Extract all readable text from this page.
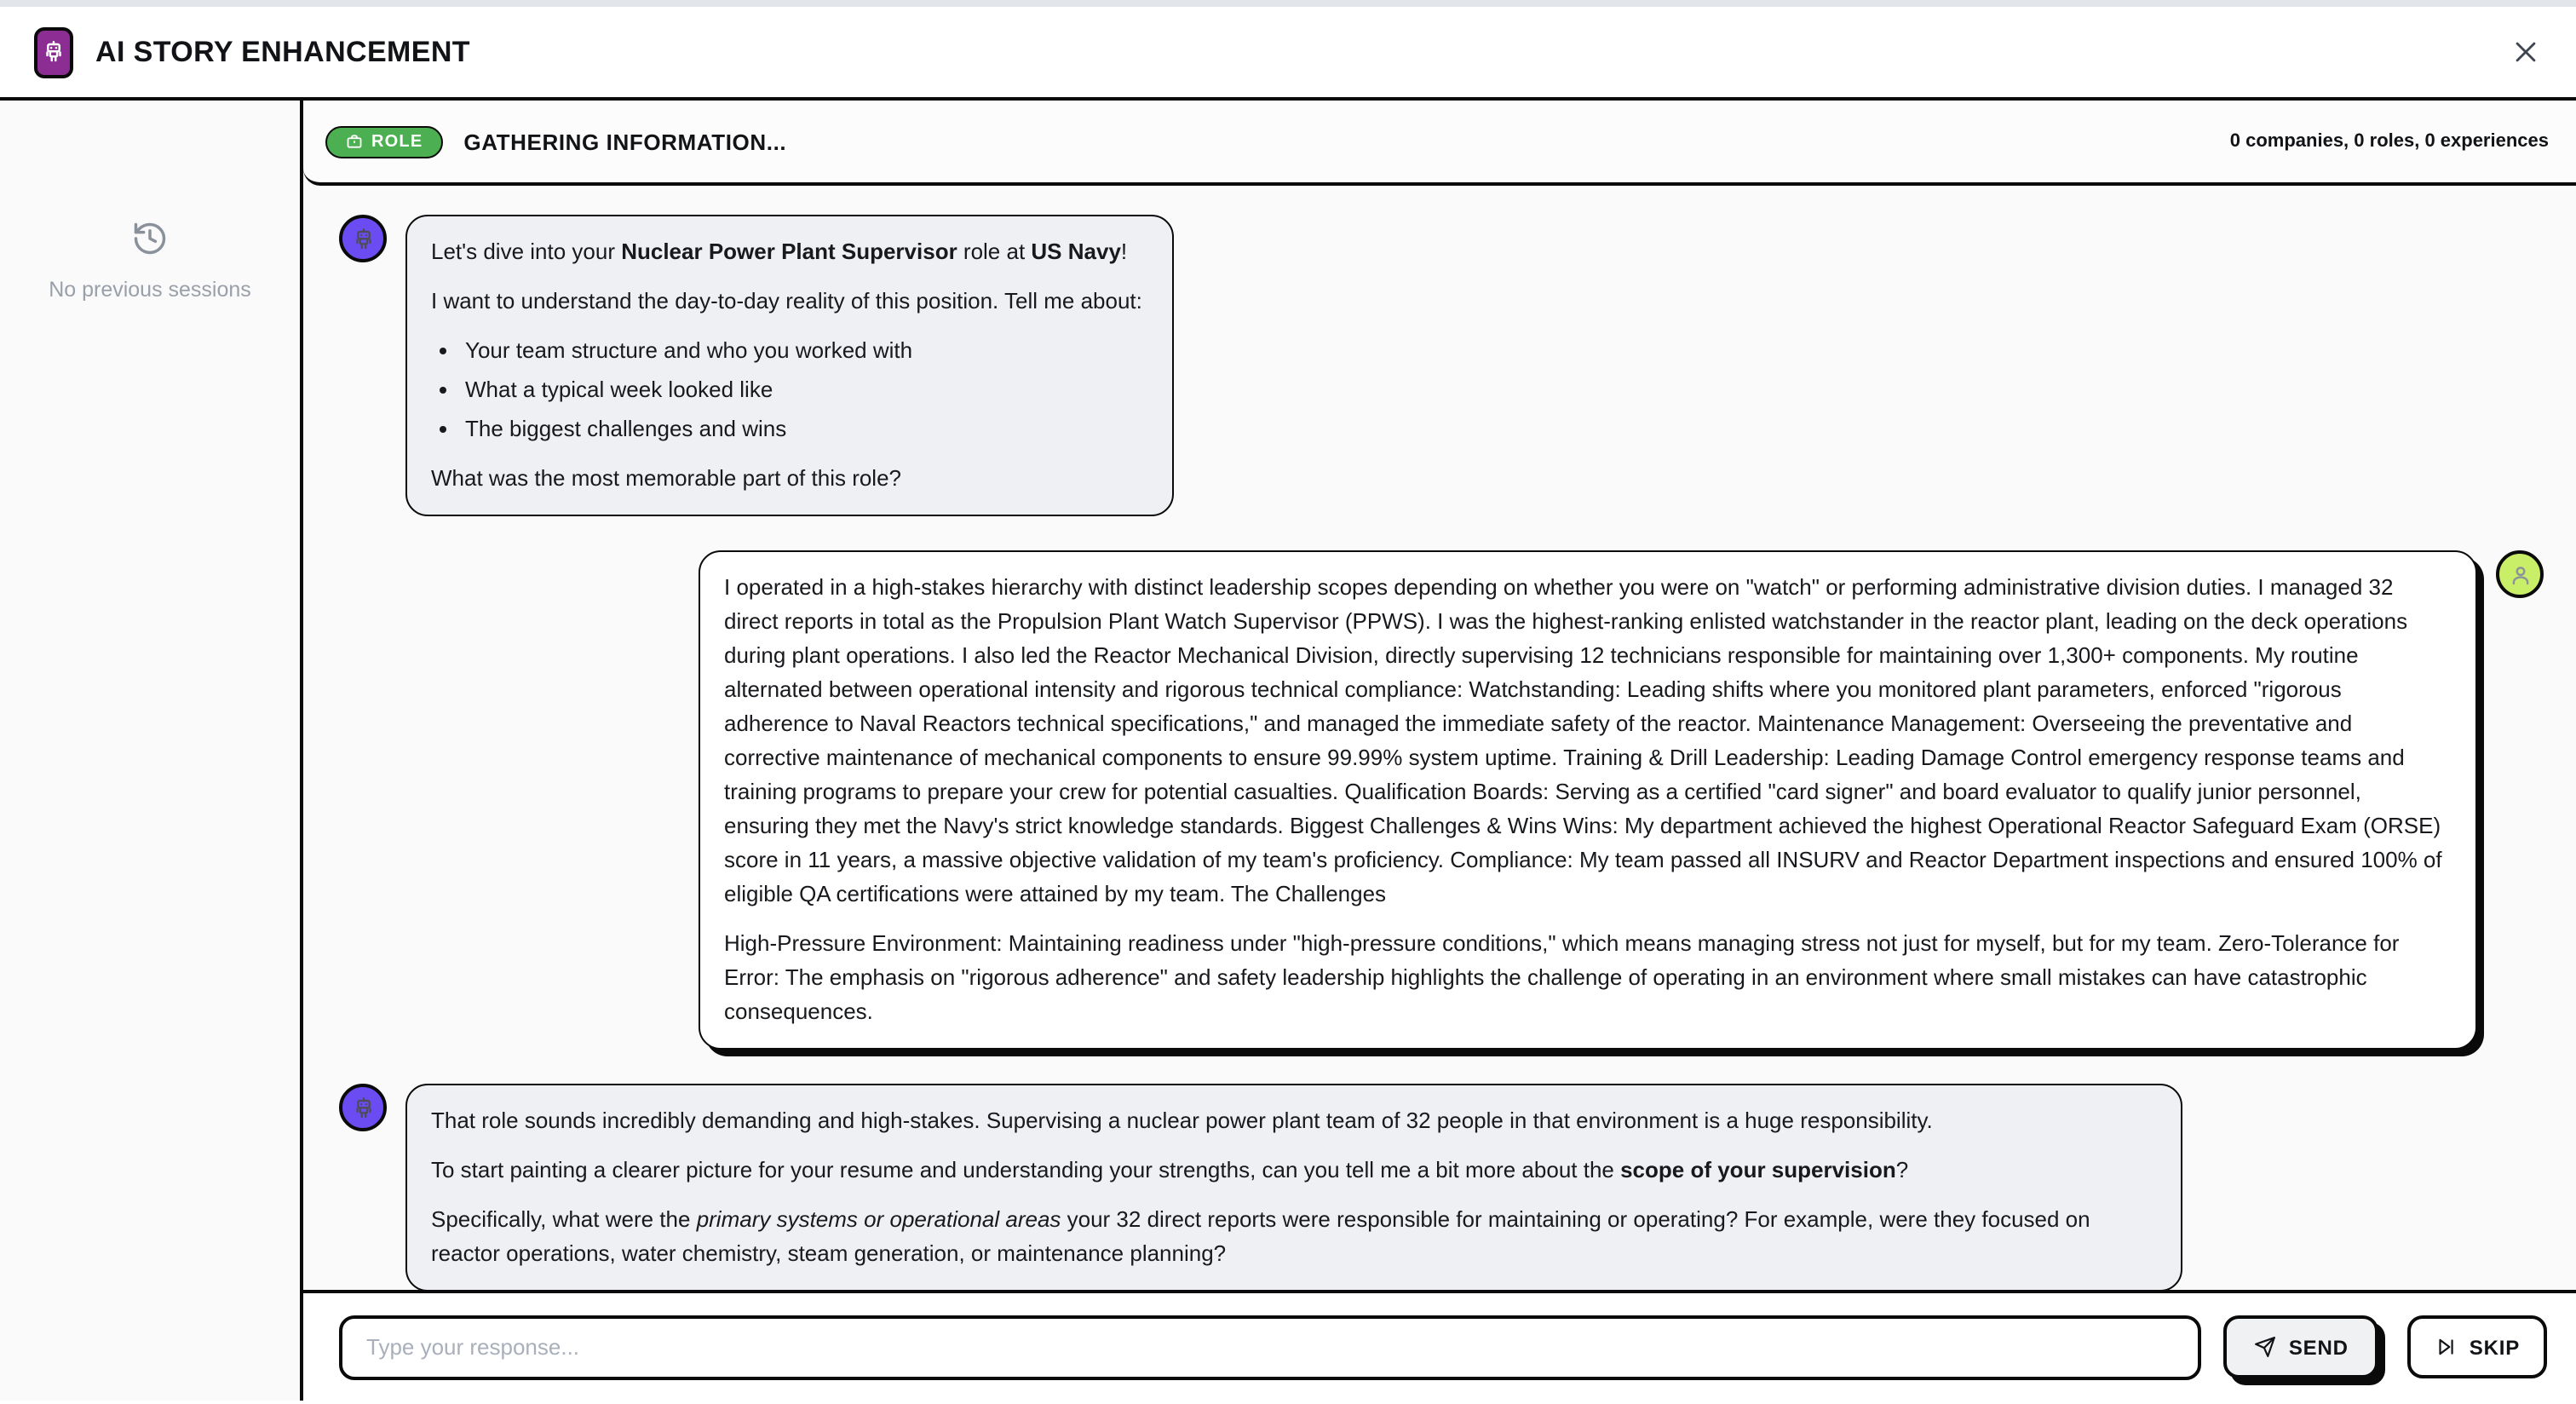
AI STORY ENHANCEMENT
No previous sessions
ROLE	GATHERING INFORMATION...	0 companies, 0 roles, 0 experiences

Let's dive into your Nuclear Power Plant Supervisor role at US Navy!

I want to understand the day-to-day reality of this position. Tell me about:

• Your team structure and who you worked with
• What a typical week looked like
• The biggest challenges and wins

What was the most memorable part of this role?

I operated in a high-stakes hierarchy with distinct leadership scopes depending on whether you were on "watch" or performing administrative division duties. I managed 32 direct reports in total as the Propulsion Plant Watch Supervisor (PPWS). I was the highest-ranking enlisted watchstander in the reactor plant, leading on the deck operations during plant operations. I also led the Reactor Mechanical Division, directly supervising 12 technicians responsible for maintaining over 1,300+ components. My routine alternated between operational intensity and rigorous technical compliance: Watchstanding: Leading shifts where you monitored plant parameters, enforced "rigorous adherence to Naval Reactors technical specifications," and managed the immediate safety of the reactor. Maintenance Management: Overseeing the preventative and corrective maintenance of mechanical components to ensure 99.99% system uptime. Training & Drill Leadership: Leading Damage Control emergency response teams and training programs to prepare your crew for potential casualties. Qualification Boards: Serving as a certified "card signer" and board evaluator to qualify junior personnel, ensuring they met the Navy's strict knowledge standards. Biggest Challenges & Wins Wins: My department achieved the highest Operational Reactor Safeguard Exam (ORSE) score in 11 years, a massive objective validation of my team's proficiency. Compliance: My team passed all INSURV and Reactor Department inspections and ensured 100% of eligible QA certifications were attained by my team. The Challenges

High-Pressure Environment: Maintaining readiness under "high-pressure conditions," which means managing stress not just for myself, but for my team. Zero-Tolerance for Error: The emphasis on "rigorous adherence" and safety leadership highlights the challenge of operating in an environment where small mistakes can have catastrophic consequences.

That role sounds incredibly demanding and high-stakes. Supervising a nuclear power plant team of 32 people in that environment is a huge responsibility.

To start painting a clearer picture for your resume and understanding your strengths, can you tell me a bit more about the scope of your supervision?

Specifically, what were the primary systems or operational areas your 32 direct reports were responsible for maintaining or operating? For example, were they focused on reactor operations, water chemistry, steam generation, or maintenance planning?

Type your response...
SEND	SKIP
